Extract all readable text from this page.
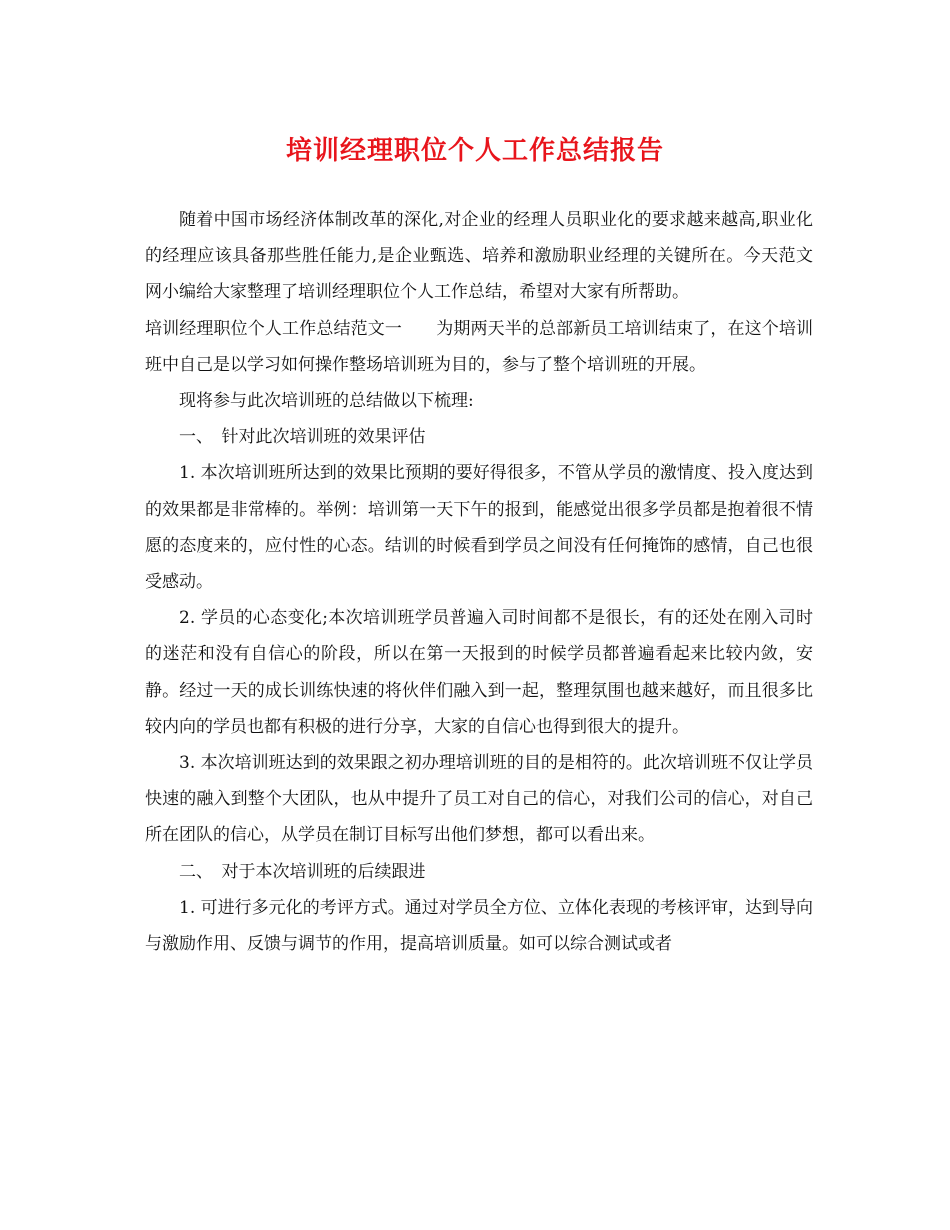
培训经理职位个人工作总结报告

随着中国市场经济体制改革的深化,对企业的经理人员职业化的要求越来越高,职业化的经理应该具备那些胜任能力,是企业甄选、培养和激励职业经理的关键所在。今天范文网小编给大家整理了培训经理职位个人工作总结，希望对大家有所帮助。

培训经理职位个人工作总结范文一　　为期两天半的总部新员工培训结束了，在这个培训班中自己是以学习如何操作整场培训班为目的，参与了整个培训班的开展。

现将参与此次培训班的总结做以下梳理:

一、　针对此次培训班的效果评估

1. 本次培训班所达到的效果比预期的要好得很多，不管从学员的激情度、投入度达到的效果都是非常棒的。举例：培训第一天下午的报到，能感觉出很多学员都是抱着很不情愿的态度来的，应付性的心态。结训的时候看到学员之间没有任何掩饰的感情，自己也很受感动。

2. 学员的心态变化;本次培训班学员普遍入司时间都不是很长，有的还处在刚入司时的迷茫和没有自信心的阶段，所以在第一天报到的时候学员都普遍看起来比较内敛，安静。经过一天的成长训练快速的将伙伴们融入到一起，整理氛围也越来越好，而且很多比较内向的学员也都有积极的进行分享，大家的自信心也得到很大的提升。

3. 本次培训班达到的效果跟之初办理培训班的目的是相符的。此次培训班不仅让学员快速的融入到整个大团队，也从中提升了员工对自己的信心，对我们公司的信心，对自己所在团队的信心，从学员在制订目标写出他们梦想，都可以看出来。

二、　对于本次培训班的后续跟进

1. 可进行多元化的考评方式。通过对学员全方位、立体化表现的考核评审，达到导向与激励作用、反馈与调节的作用，提高培训质量。如可以综合测试或者
